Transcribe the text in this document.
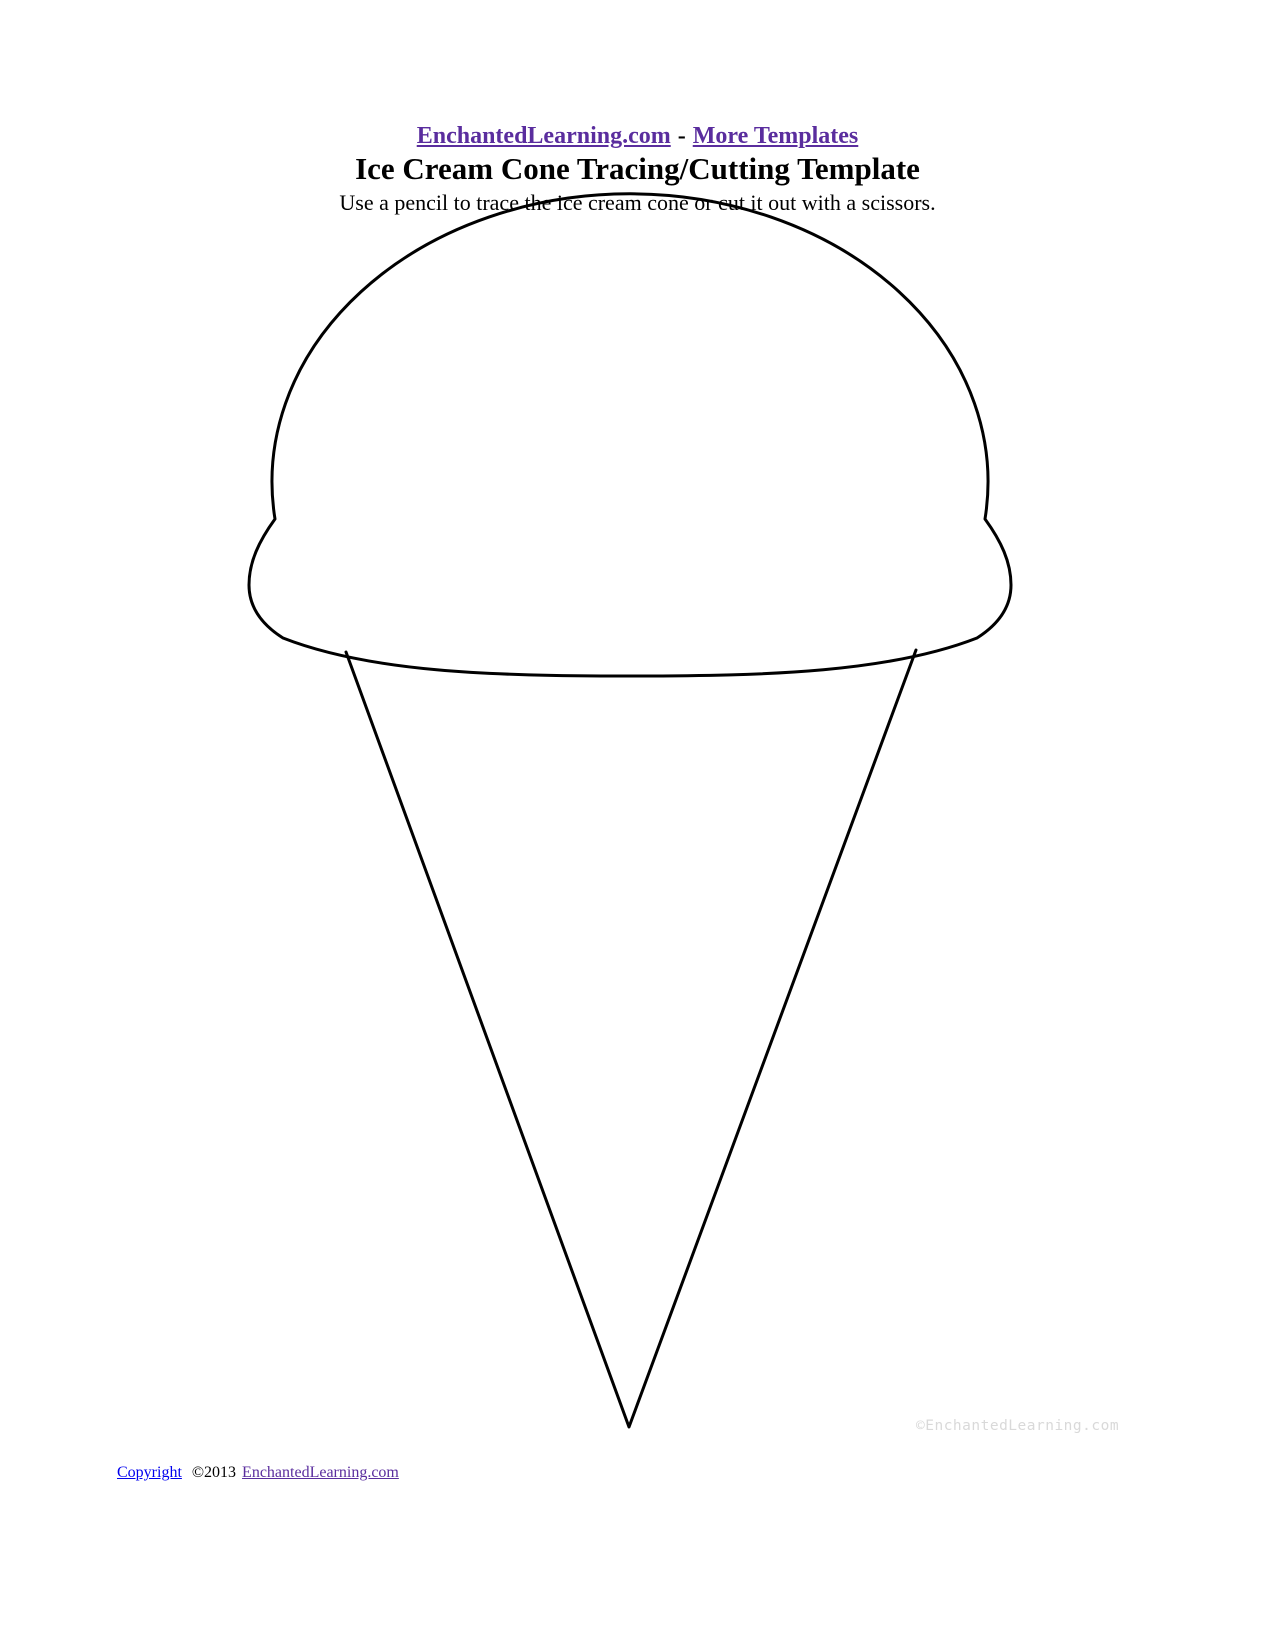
EnchantedLearning.com - More Templates
Ice Cream Cone Tracing/Cutting Template
Use a pencil to trace the ice cream cone or cut it out with a scissors.
©EnchantedLearning.com
Copyright ©2013 EnchantedLearning.com
